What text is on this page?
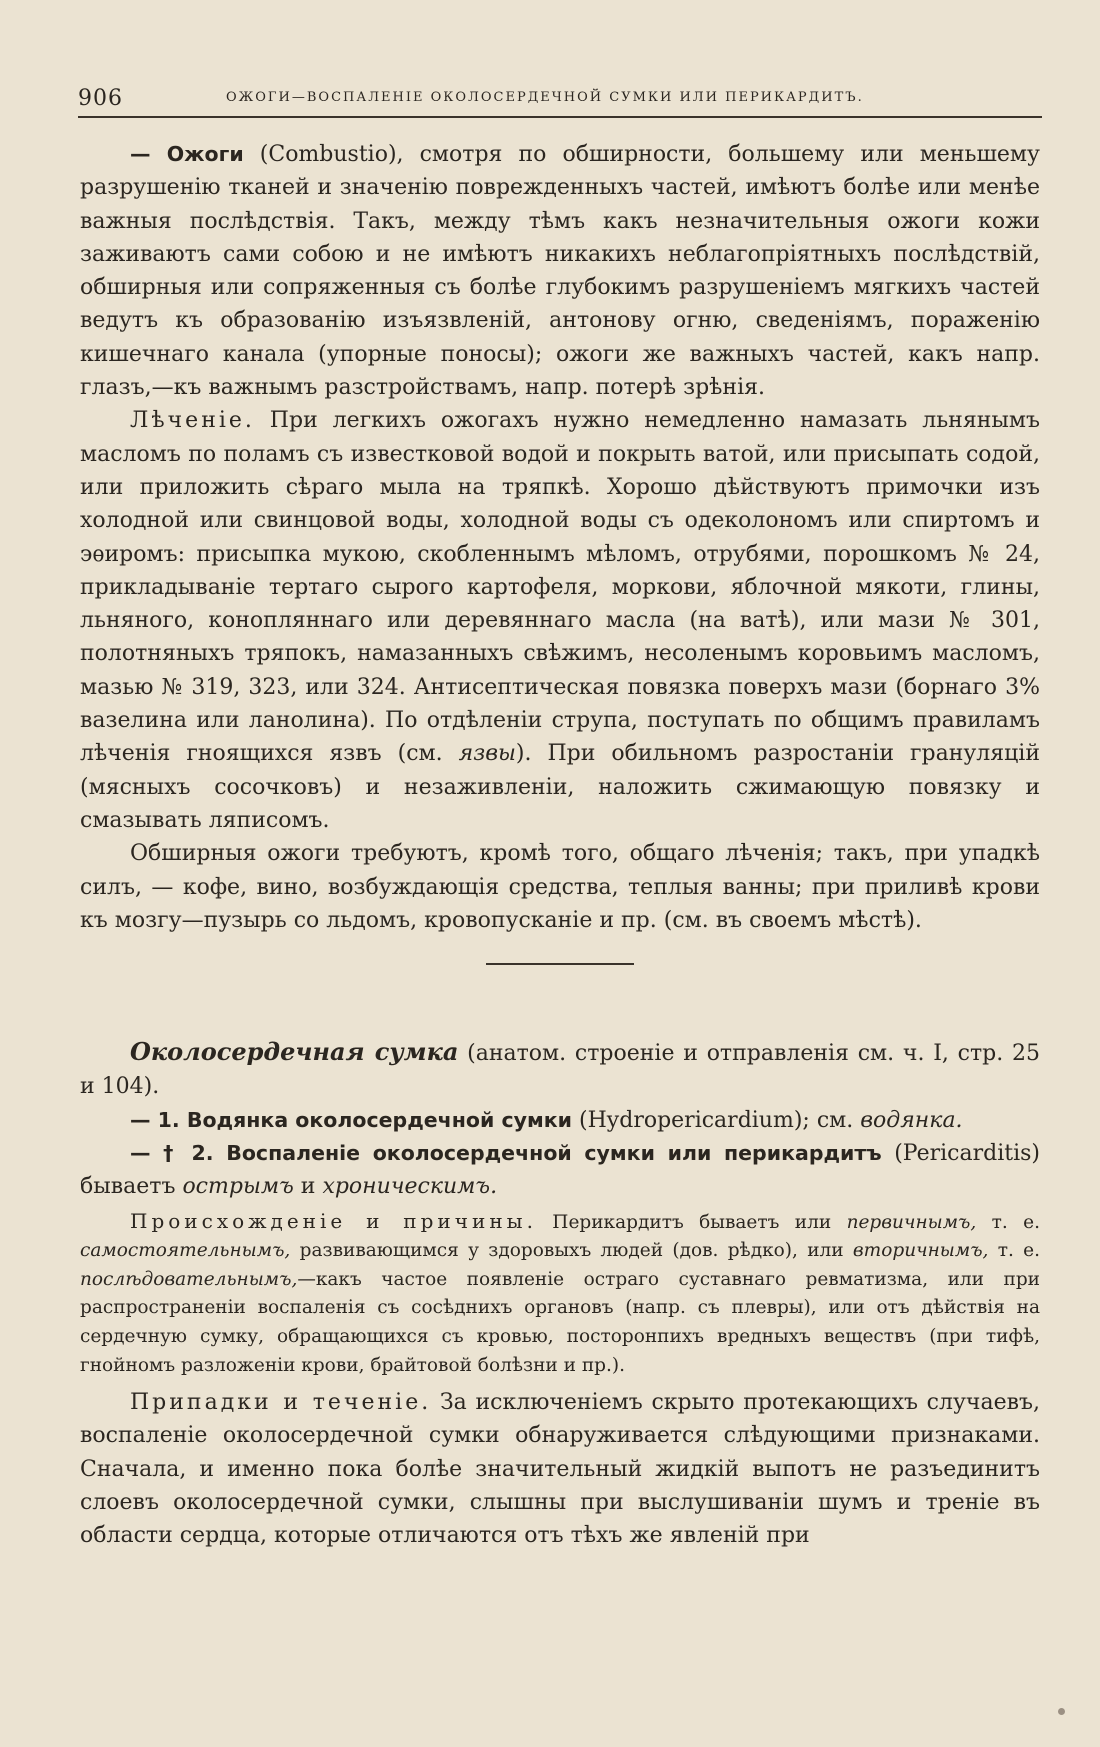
906	ОЖОГИ—ВОСПАЛЕНІЕ ОКОЛОСЕРДЕЧНОЙ СУМКИ ИЛИ ПЕРИКАРДИТЪ.

— Ожоги (Combustio), смотря по обширности, большему или меньшему разрушенію тканей и значенію поврежденныхъ частей, имѣютъ болѣе или менѣе важныя послѣдствія. Такъ, между тѣмъ какъ незначительныя ожоги кожи заживаютъ сами собою и не имѣютъ никакихъ неблагопріятныхъ послѣдствій, обширныя или сопряженныя съ болѣе глубокимъ разрушеніемъ мягкихъ частей ведутъ къ образованію изъязвленій, антонову огню, сведеніямъ, пораженію кишечнаго канала (упорные поносы); ожоги же важныхъ частей, какъ напр. глазъ,—къ важнымъ разстройствамъ, напр. потерѣ зрѣнія.

Лѣченіе. При легкихъ ожогахъ нужно немедленно намазать льнянымъ масломъ по поламъ съ известковой водой и покрыть ватой, или присыпать содой, или приложить сѣраго мыла на тряпкѣ. Хорошо дѣйствуютъ примочки изъ холодной или свинцовой воды, холодной воды съ одеколономъ или спиртомъ и эѳиромъ: присыпка мукою, скобленнымъ мѣломъ, отрубями, порошкомъ № 24, прикладываніе тертаго сырого картофеля, моркови, яблочной мякоти, глины, льняного, конопляннаго или деревяннаго масла (на ватѣ), или мази № 301, полотняныхъ тряпокъ, намазанныхъ свѣжимъ, несоленымъ коровьимъ масломъ, мазью № 319, 323, или 324. Антисептическая повязка поверхъ мази (борнаго 3% вазелина или ланолина). По отдѣленіи струпа, поступать по общимъ правиламъ лѣченія гноящихся язвъ (см. язвы). При обильномъ разростаніи грануляцій (мясныхъ сосочковъ) и незаживленіи, наложить сжимающую повязку и смазывать ляписомъ.

Обширныя ожоги требуютъ, кромѣ того, общаго лѣченія; такъ, при упадкѣ силъ, — кофе, вино, возбуждающія средства, теплыя ванны; при приливѣ крови къ мозгу—пузырь со льдомъ, кровопусканіе и пр. (см. въ своемъ мѣстѣ).

Околосердечная сумка (анатом. строеніе и отправленія см. ч. I, стр. 25 и 104).

— 1. Водянка околосердечной сумки (Hydropericardium); см. водянка.

— † 2. Воспаленіе околосердечной сумки или перикардитъ (Pericarditis) бываетъ острымъ и хроническимъ.

Происхожденіе и причины. Перикардитъ бываетъ или первичнымъ, т. е. самостоятельнымъ, развивающимся у здоровыхъ людей (дов. рѣдко), или вторичнымъ, т. е. послѣдовательнымъ,—какъ частое появленіе остраго суставнаго ревматизма, или при распространеніи воспаленія съ сосѣднихъ органовъ (напр. съ плевры), или отъ дѣйствія на сердечную сумку, обращающихся съ кровью, посторонпихъ вредныхъ веществъ (при тифѣ, гнойномъ разложеніи крови, брайтовой болѣзни и пр.).

Припадки и теченіе. За исключеніемъ скрыто протекающихъ случаевъ, воспаленіе околосердечной сумки обнаруживается слѣдующими признаками. Сначала, и именно пока болѣе значительный жидкій выпотъ не разъединитъ слоевъ околосердечной сумки, слышны при выслушиваніи шумъ и треніе въ области сердца, которые отличаются отъ тѣхъ же явленій при
